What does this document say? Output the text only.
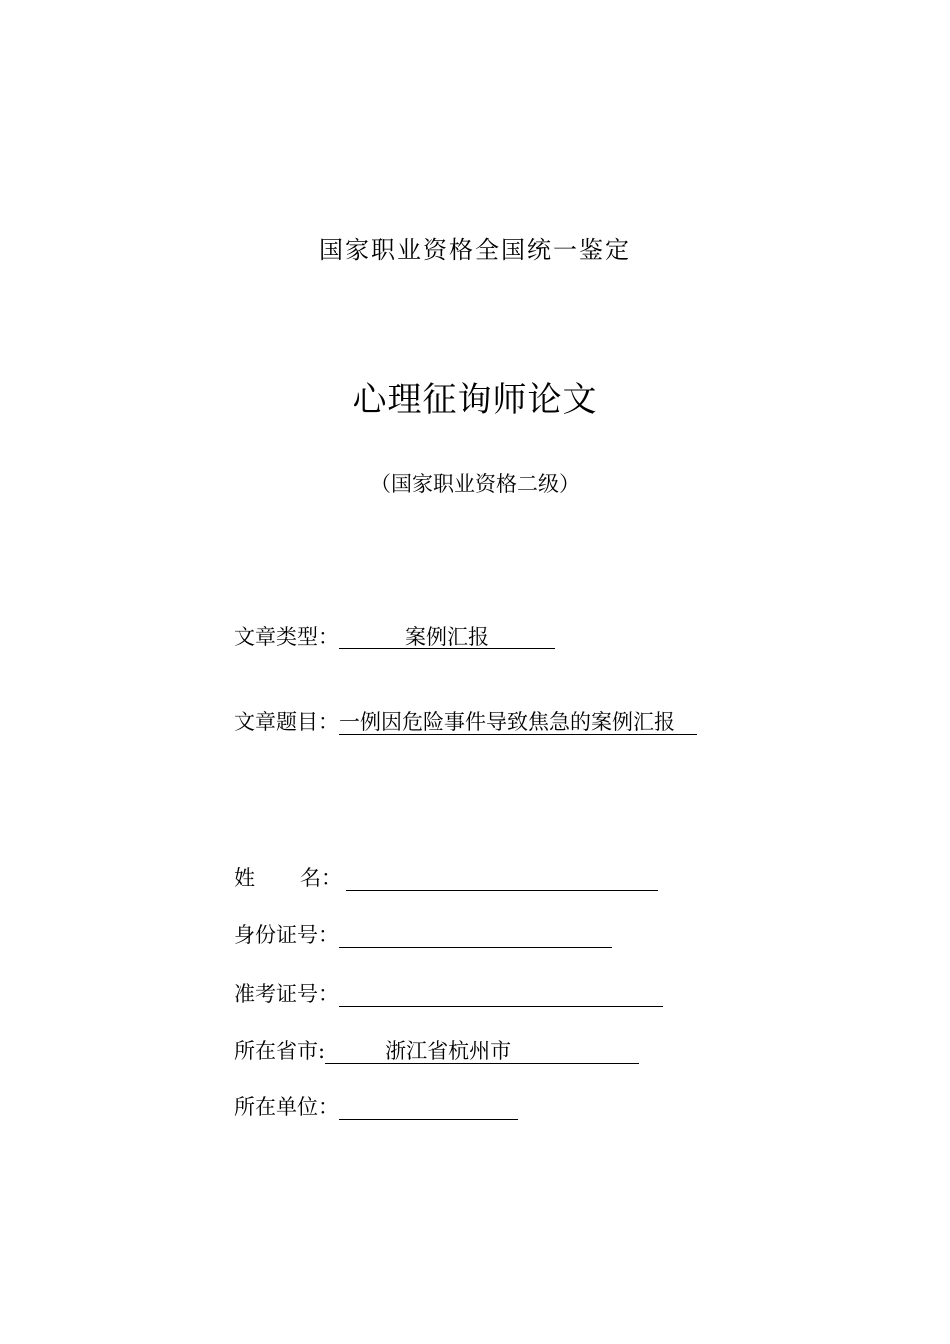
国家职业资格全国统一鉴定
心理征询师论文
（国家职业资格二级）
文章类型：	案例汇报
文章题目：一例因危险事件导致焦急的案例汇报
姓 名：
身份证号：
准考证号：
所在省市:	浙江省杭州市
所在单位：
